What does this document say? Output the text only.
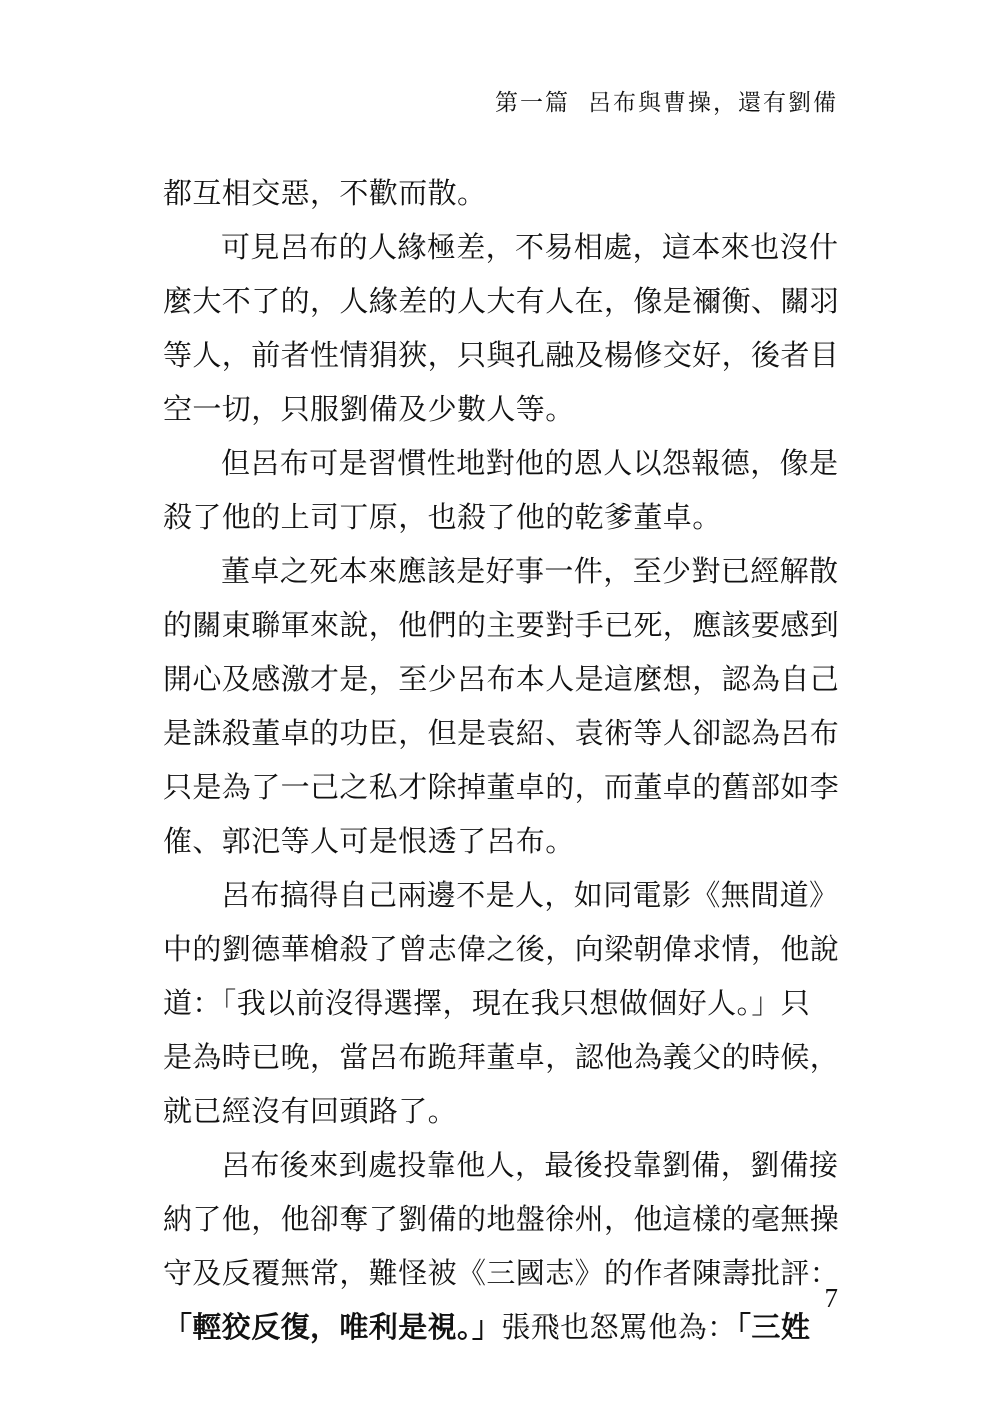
第一篇 呂布與曹操，還有劉備
都互相交惡，不歡而散。
可見呂布的人緣極差，不易相處，這本來也沒什
麼大不了的，人緣差的人大有人在，像是禰衡、關羽
等人，前者性情狷狹，只與孔融及楊修交好，後者目
空一切，只服劉備及少數人等。
但呂布可是習慣性地對他的恩人以怨報德，像是
殺了他的上司丁原，也殺了他的乾爹董卓。
董卓之死本來應該是好事一件，至少對已經解散
的關東聯軍來說，他們的主要對手已死，應該要感到
開心及感激才是，至少呂布本人是這麼想，認為自己
是誅殺董卓的功臣，但是袁紹、袁術等人卻認為呂布
只是為了一己之私才除掉董卓的，而董卓的舊部如李
傕、郭汜等人可是恨透了呂布。
呂布搞得自己兩邊不是人，如同電影《無間道》
中的劉德華槍殺了曾志偉之後，向梁朝偉求情，他說
道：「我以前沒得選擇，現在我只想做個好人。」只
是為時已晚，當呂布跪拜董卓，認他為義父的時候，
就已經沒有回頭路了。
呂布後來到處投靠他人，最後投靠劉備，劉備接
納了他，他卻奪了劉備的地盤徐州，他這樣的毫無操
守及反覆無常，難怪被《三國志》的作者陳壽批評：
「輕狡反復，唯利是視。」張飛也怒罵他為：「三姓
7
